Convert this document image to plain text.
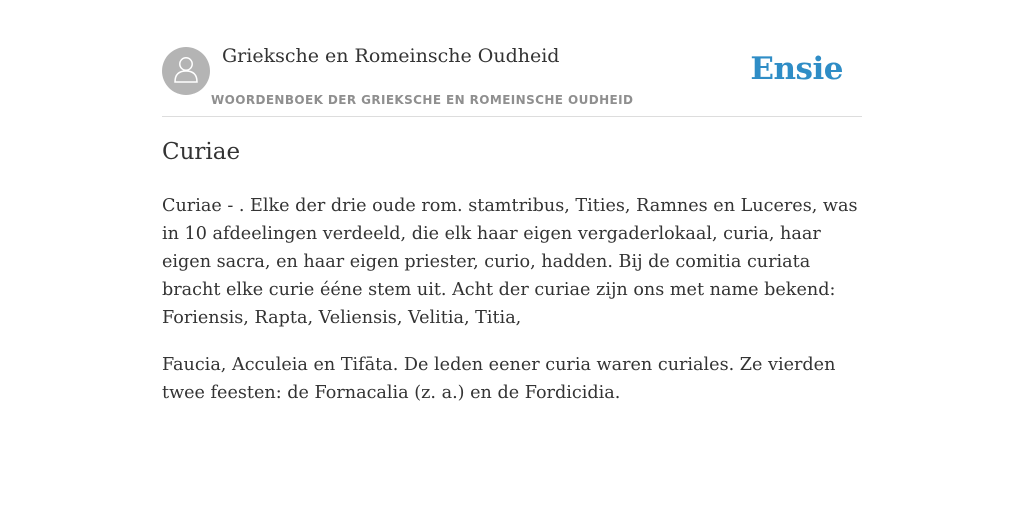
Grieksche en Romeinsche Oudheid
WOORDENBOEK DER GRIEKSCHE EN ROMEINSCHE OUDHEID
Ensie
Curiae

Curiae - . Elke der drie oude rom. stamtribus, Tities, Ramnes en Luceres, was in 10 afdeelingen verdeeld, die elk haar eigen vergaderlokaal, curia, haar eigen sacra, en haar eigen priester, curio, hadden. Bij de comitia curiata bracht elke curie ééne stem uit. Acht der curiae zijn ons met name bekend: Foriensis, Rapta, Veliensis, Velitia, Titia,

Faucia, Acculeia en Tifāta. De leden eener curia waren curiales. Ze vierden twee feesten: de Fornacalia (z. a.) en de Fordicidia.
